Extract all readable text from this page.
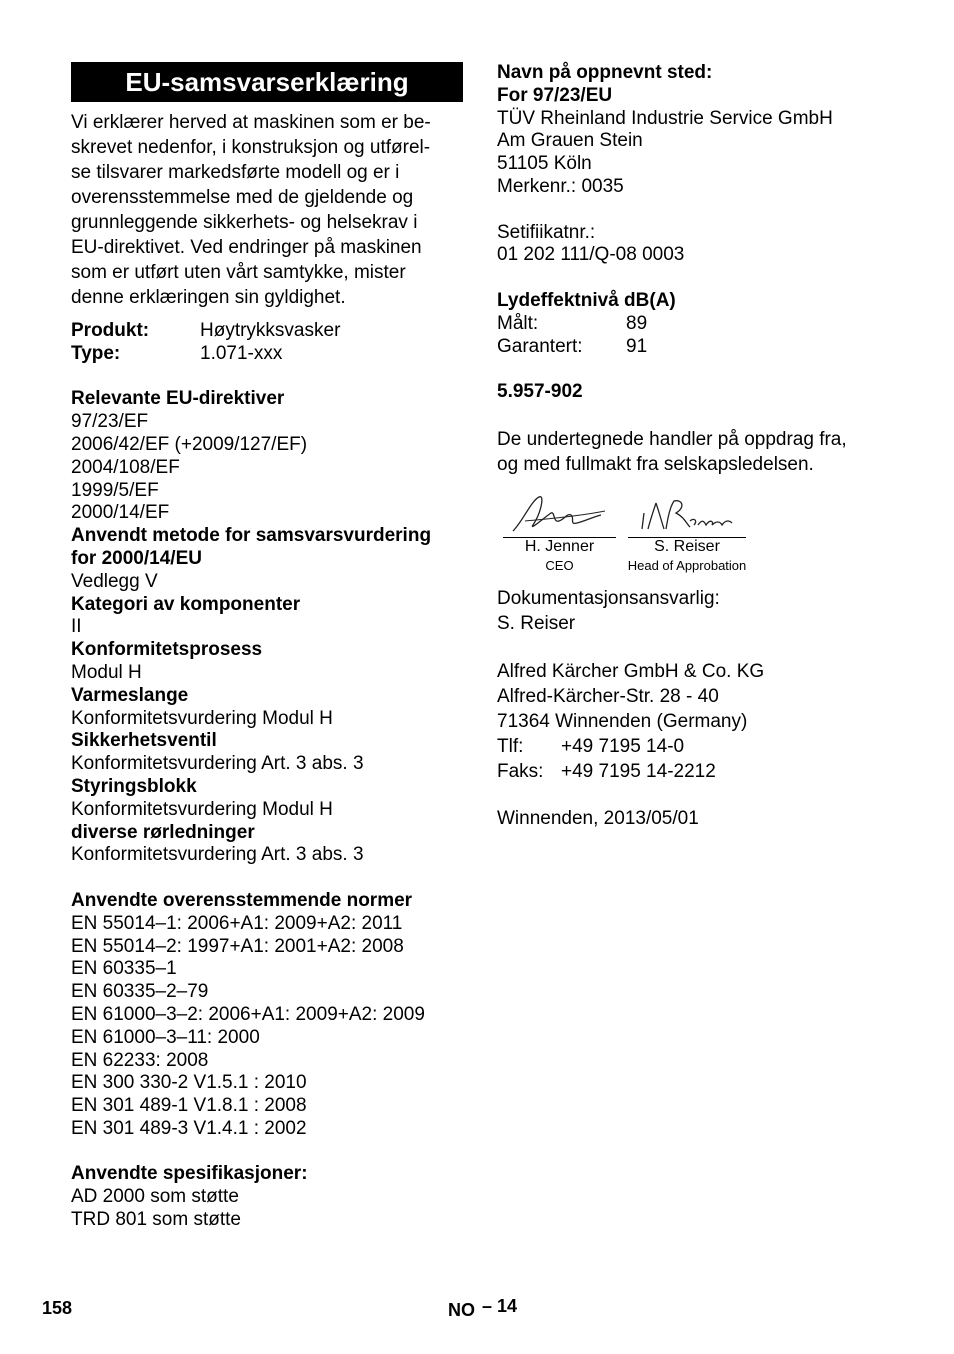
EU-samsvarserklæring
Vi erklærer herved at maskinen som er be-
skrevet nedenfor, i konstruksjon og utførel-
se tilsvarer markedsførte modell og er i
overensstemmelse med de gjeldende og
grunnleggende sikkerhets- og helsekrav i
EU-direktivet. Ved endringer på maskinen
som er utført uten vårt samtykke, mister
denne erklæringen sin gyldighet.
Produkt:	Høytrykksvasker
Type:	1.071-xxx
Relevante EU-direktiver
97/23/EF
2006/42/EF (+2009/127/EF)
2004/108/EF
1999/5/EF
2000/14/EF
Anvendt metode for samsvarsvurdering
for 2000/14/EU
Vedlegg V
Kategori av komponenter
II
Konformitetsprosess
Modul H
Varmeslange
Konformitetsvurdering Modul H
Sikkerhetsventil
Konformitetsvurdering Art. 3 abs. 3
Styringsblokk
Konformitetsvurdering Modul H
diverse rørledninger
Konformitetsvurdering Art. 3 abs. 3
Anvendte overensstemmende normer
EN 55014–1: 2006+A1: 2009+A2: 2011
EN 55014–2: 1997+A1: 2001+A2: 2008
EN 60335–1
EN 60335–2–79
EN 61000–3–2: 2006+A1: 2009+A2: 2009
EN 61000–3–11: 2000
EN 62233: 2008
EN 300 330-2 V1.5.1 : 2010
EN 301 489-1 V1.8.1 : 2008
EN 301 489-3 V1.4.1 : 2002
Anvendte spesifikasjoner:
AD 2000 som støtte
TRD 801 som støtte
Navn på oppnevnt sted:
For 97/23/EU
TÜV Rheinland Industrie Service GmbH
Am Grauen Stein
51105 Köln
Merkenr.: 0035
Setifiikatnr.:
01 202 111/Q-08 0003
Lydeffektnivå dB(A)
Målt:	89
Garantert:	91
5.957-902
De undertegnede handler på oppdrag fra,
og med fullmakt fra selskapsledelsen.
H. Jenner
CEO
S. Reiser
Head of Approbation
Dokumentasjonsansvarlig:
S. Reiser
Alfred Kärcher GmbH & Co. KG
Alfred-Kärcher-Str. 28 - 40
71364 Winnenden (Germany)
Tlf:	+49 7195 14-0
Faks: +49 7195 14-2212
Winnenden, 2013/05/01
158	NO – 14
